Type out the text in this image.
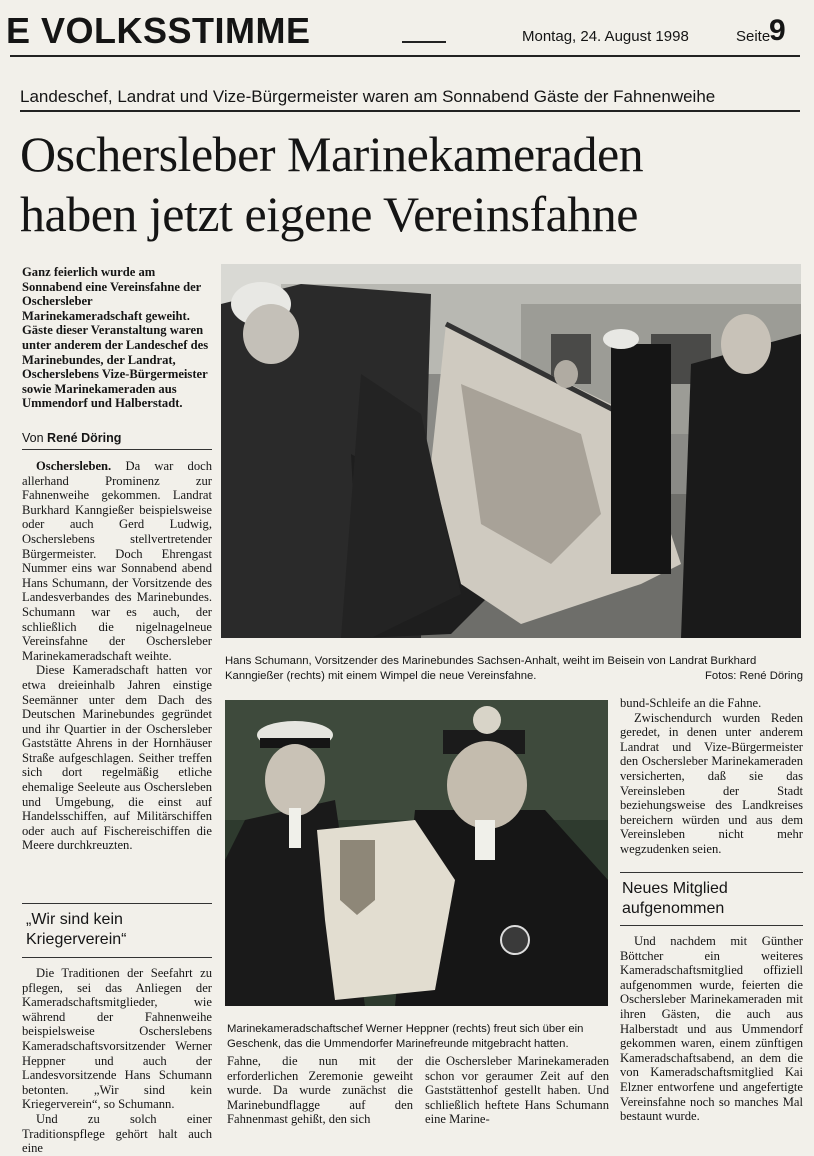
E VOLKSSTIMME	Montag, 24. August 1998	Seite
9
Landeschef, Landrat und Vize-Bürgermeister waren am Sonnabend Gäste der Fahnenweihe
Oschersleber Marinekameraden
haben jetzt eigene Vereinsfahne
Ganz feierlich wurde am Sonnabend eine Vereinsfahne der Oschersleber Marinekameradschaft geweiht. Gäste dieser Veranstaltung waren unter anderem der Landeschef des Marinebundes, der Landrat, Oscherslebens Vize-Bürgermeister sowie Marinekameraden aus Ummendorf und Halberstadt.
Von René Döring

Oschersleben. Da war doch allerhand Prominenz zur Fahnenweihe gekommen. Landrat Burkhard Kanngießer beispielsweise oder auch Gerd Ludwig, Oscherslebens stellvertretender Bürgermeister. Doch Ehrengast Nummer eins war Sonnabend abend Hans Schumann, der Vorsitzende des Landesverbandes des Marinebundes. Schumann war es auch, der schließlich die nigelnagelneue Vereinsfahne der Oschersleber Marinekameradschaft weihte.

Diese Kameradschaft hatten vor etwa dreieinhalb Jahren einstige Seemänner unter dem Dach des Deutschen Marinebundes gegründet und ihr Quartier in der Oschersleber Gaststätte Ahrens in der Hornhäuser Straße aufgeschlagen. Seither treffen sich dort regelmäßig etliche ehemalige Seeleute aus Oschersleben und Umgebung, die einst auf Handelsschiffen, auf Militärschiffen oder auch auf Fischereischiffen die Meere durchkreuzten.

„Wir sind kein Kriegerverein“

Die Traditionen der Seefahrt zu pflegen, sei das Anliegen der Kameradschaftsmitglieder, wie während der Fahnenweihe beispielsweise Oscherslebens Kameradschaftsvorsitzender Werner Heppner und auch der Landesvorsitzende Hans Schumann betonten. „Wir sind kein Kriegerverein“, so Schumann.

Und zu solch einer Traditionspflege gehört halt auch eine

Hans Schumann, Vorsitzender des Marinebundes Sachsen-Anhalt, weiht im Beisein von Landrat Burkhard Kanngießer (rechts) mit einem Wimpel die neue Vereinsfahne.	Fotos: René Döring
Marinekameradschaftschef Werner Heppner (rechts) freut sich über ein Geschenk, das die Ummendorfer Marinefreunde mitgebracht hatten.

Fahne, die nun mit der erforderlichen Zeremonie geweiht wurde. Da wurde zunächst die Marinebundflagge auf den Fahnenmast gehißt, den sich

die Oschersleber Marinekameraden schon vor geraumer Zeit auf den Gaststättenhof gestellt haben. Und schließlich heftete Hans Schumann eine Marine-

bund-Schleife an die Fahne.

Zwischendurch wurden Reden geredet, in denen unter anderem Landrat und Vize-Bürgermeister den Oschersleber Marinekameraden versicherten, daß sie das Vereinsleben der Stadt beziehungsweise des Landkreises bereichern würden und aus dem Vereinsleben nicht mehr wegzudenken seien.

Neues Mitglied aufgenommen

Und nachdem mit Günther Böttcher ein weiteres Kameradschaftsmitglied offiziell aufgenommen wurde, feierten die Oschersleber Marinekameraden mit ihren Gästen, die auch aus Halberstadt und aus Ummendorf gekommen waren, einem zünftigen Kameradschaftsabend, an dem die von Kameradschaftsmitglied Kai Elzner entworfene und angefertigte Vereinsfahne noch so manches Mal bestaunt wurde.
